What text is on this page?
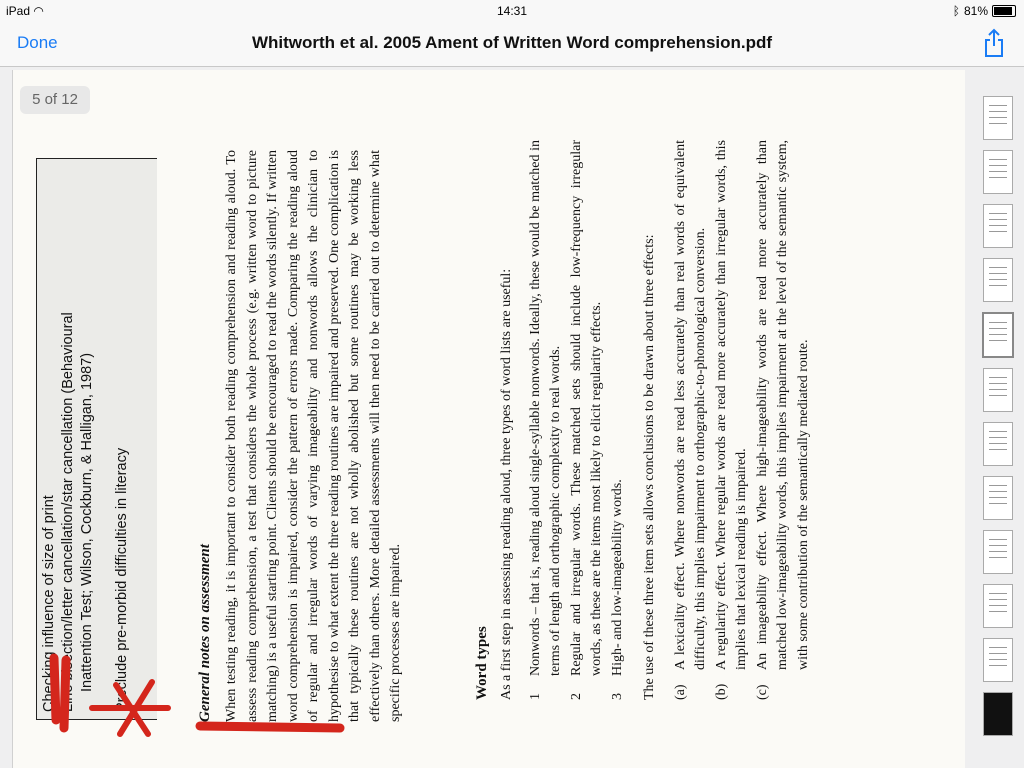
iPad ◠	14:31	ᛒ 81%
Done	Whitworth et al. 2005 Ament of Written Word comprehension.pdf
Checking influence of size of print Line bisection/letter cancellation/star cancellation (Behavioural Inattention Test; Wilson, Cockburn, & Halligan, 1987) Preclude pre-morbid difficulties in literacy	General notes on assessment When testing reading, it is important to consider both reading comprehension and reading aloud. To assess reading comprehension, a test that considers the whole process (e.g. written word to picture matching) is a useful starting point. Clients should be encouraged to read the words silently. If written word comprehension is impaired, consider the pattern of errors made. Comparing the reading aloud of regular and irregular words of varying imageability and nonwords allows the clinician to hypothesise to what extent the three reading routines are impaired and preserved. One complication is that typically these routines are not wholly abolished but some routines may be working less effectively than others. More detailed assessments will then need to be carried out to determine what specific processes are impaired.	Word types As a first step in assessing reading aloud, three types of word lists are useful: 1
Nonwords – that is, reading aloud single-syllable nonwords. Ideally, these would be matched in terms of length and orthographic complexity to real words.
2
Regular and irregular words. These matched sets should include low-frequency irregular words, as these are the items most likely to elicit regularity effects.
3
High- and low-imageability words. The use of these three item sets allows conclusions to be drawn about three effects: (a)
A lexicality effect. Where nonwords are read less accurately than real words of equivalent difficulty, this implies impairment to orthographic-to-phonological conversion.
(b)
A regularity effect. Where regular words are read more accurately than irregular words, this implies that lexical reading is impaired.
(c)
An imageability effect. Where high-imageability words are read more accurately than matched low-imageability words, this implies impairment at the level of the semantic system, with some contribution of the semantically mediated route.
5 of 12
